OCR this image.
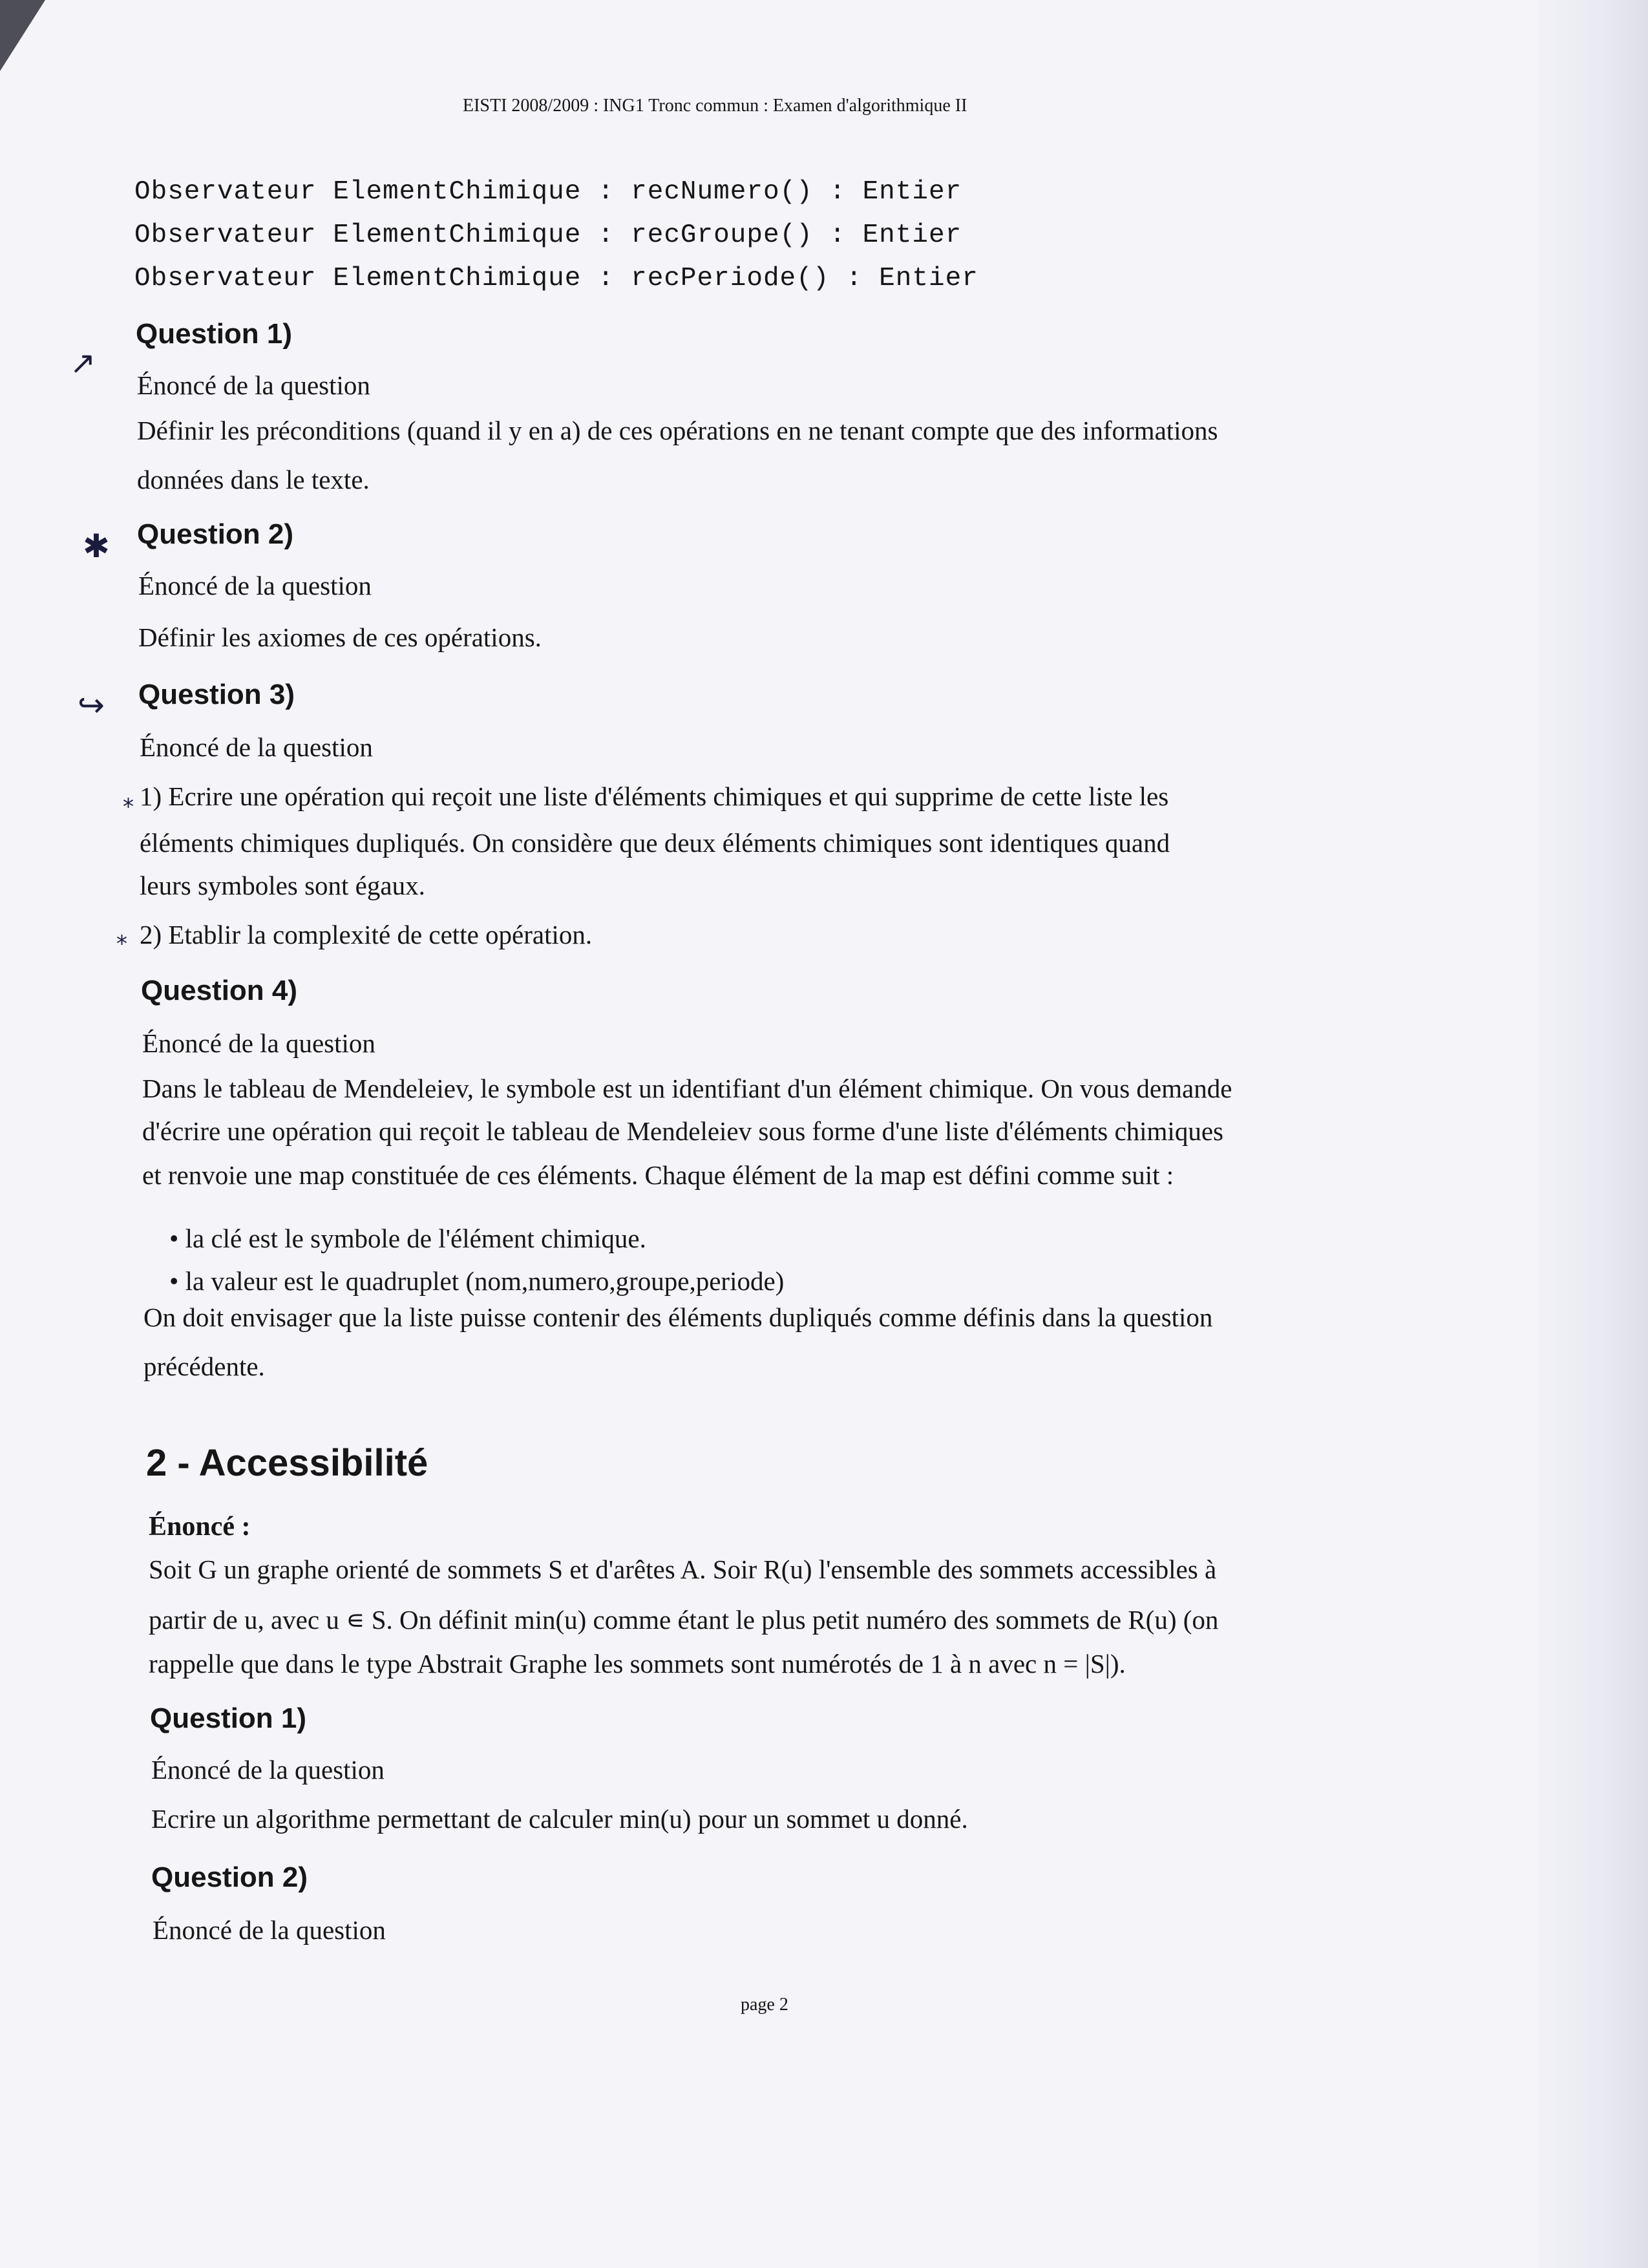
EISTI 2008/2009 : ING1 Tronc commun : Examen d'algorithmique II
Observateur ElementChimique : recNumero() : Entier
Observateur ElementChimique : recGroupe() : Entier
Observateur ElementChimique : recPeriode() : Entier
↗
Question 1)
Énoncé de la question
Définir les préconditions (quand il y en a) de ces opérations en ne tenant compte que des informations
données dans le texte.
✱ Question 2)
Énoncé de la question
Définir les axiomes de ces opérations.
↪ Question 3)
Énoncé de la question
⁎ 1) Ecrire une opération qui reçoit une liste d'éléments chimiques et qui supprime de cette liste les
éléments chimiques dupliqués. On considère que deux éléments chimiques sont identiques quand
leurs symboles sont égaux.
⁎ 2) Etablir la complexité de cette opération.
Question 4)
Énoncé de la question
Dans le tableau de Mendeleiev, le symbole est un identifiant d'un élément chimique. On vous demande
d'écrire une opération qui reçoit le tableau de Mendeleiev sous forme d'une liste d'éléments chimiques
et renvoie une map constituée de ces éléments. Chaque élément de la map est défini comme suit :
• la clé est le symbole de l'élément chimique.
• la valeur est le quadruplet (nom,numero,groupe,periode)
On doit envisager que la liste puisse contenir des éléments dupliqués comme définis dans la question
précédente.
2 - Accessibilité
Énoncé :
Soit G un graphe orienté de sommets S et d'arêtes A. Soir R(u) l'ensemble des sommets accessibles à
partir de u, avec u ∊ S. On définit min(u) comme étant le plus petit numéro des sommets de R(u) (on
rappelle que dans le type Abstrait Graphe les sommets sont numérotés de 1 à n avec n = |S|).
Question 1)
Énoncé de la question
Ecrire un algorithme permettant de calculer min(u) pour un sommet u donné.
Question 2)
Énoncé de la question
page 2
